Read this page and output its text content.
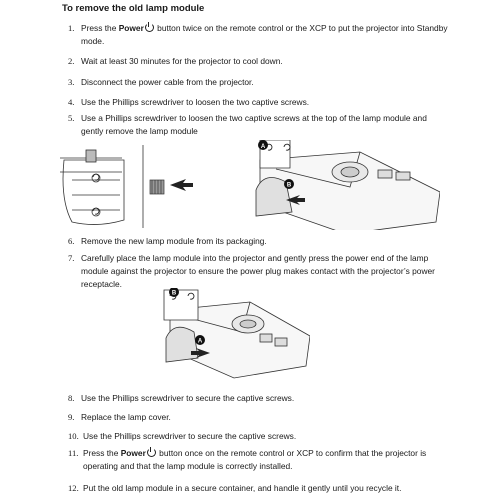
To remove the old lamp module
1. Press the Power button twice on the remote control or the XCP to put the projector into Standby mode.
2. Wait at least 30 minutes for the projector to cool down.
3. Disconnect the power cable from the projector.
4. Use the Phillips screwdriver to loosen the two captive screws.
5. Use a Phillips screwdriver to loosen the two captive screws at the top of the lamp module and gently remove the lamp module
A
B
6. Remove the new lamp module from its packaging.
7. Carefully place the lamp module into the projector and gently press the power end of the lamp module against the projector to ensure the power plug makes contact with the projector’s power receptacle.
B
A
8. Use the Phillips screwdriver to secure the captive screws.
9. Replace the lamp cover.
10. Use the Phillips screwdriver to secure the captive screws.
11. Press the Power button once on the remote control or XCP to confirm that the projector is operating and that the lamp module is correctly installed.
12. Put the old lamp module in a secure container, and handle it gently until you recycle it.
